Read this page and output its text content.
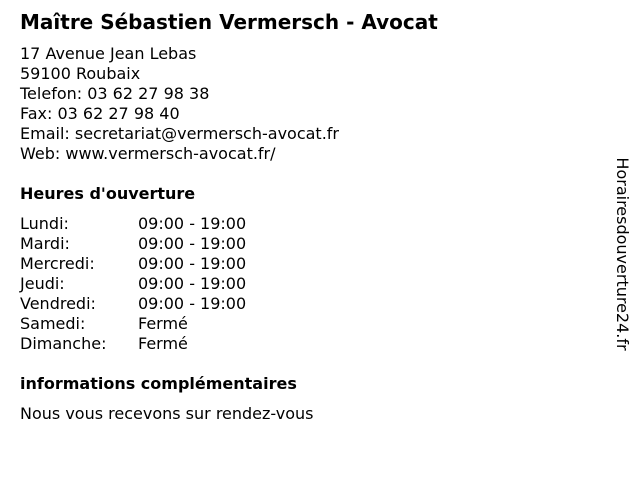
Maître Sébastien Vermersch - Avocat
17 Avenue Jean Lebas
59100 Roubaix
Telefon: 03 62 27 98 38
Fax: 03 62 27 98 40
Email: secretariat@vermersch-avocat.fr
Web: www.vermersch-avocat.fr/
Heures d'ouverture
Lundi:	09:00 - 19:00
Mardi:	09:00 - 19:00
Mercredi:	09:00 - 19:00
Jeudi:	09:00 - 19:00
Vendredi:	09:00 - 19:00
Samedi:	Fermé
Dimanche: Fermé
informations complémentaires
Nous vous recevons sur rendez-vous
Horairesdouverture24.fr
